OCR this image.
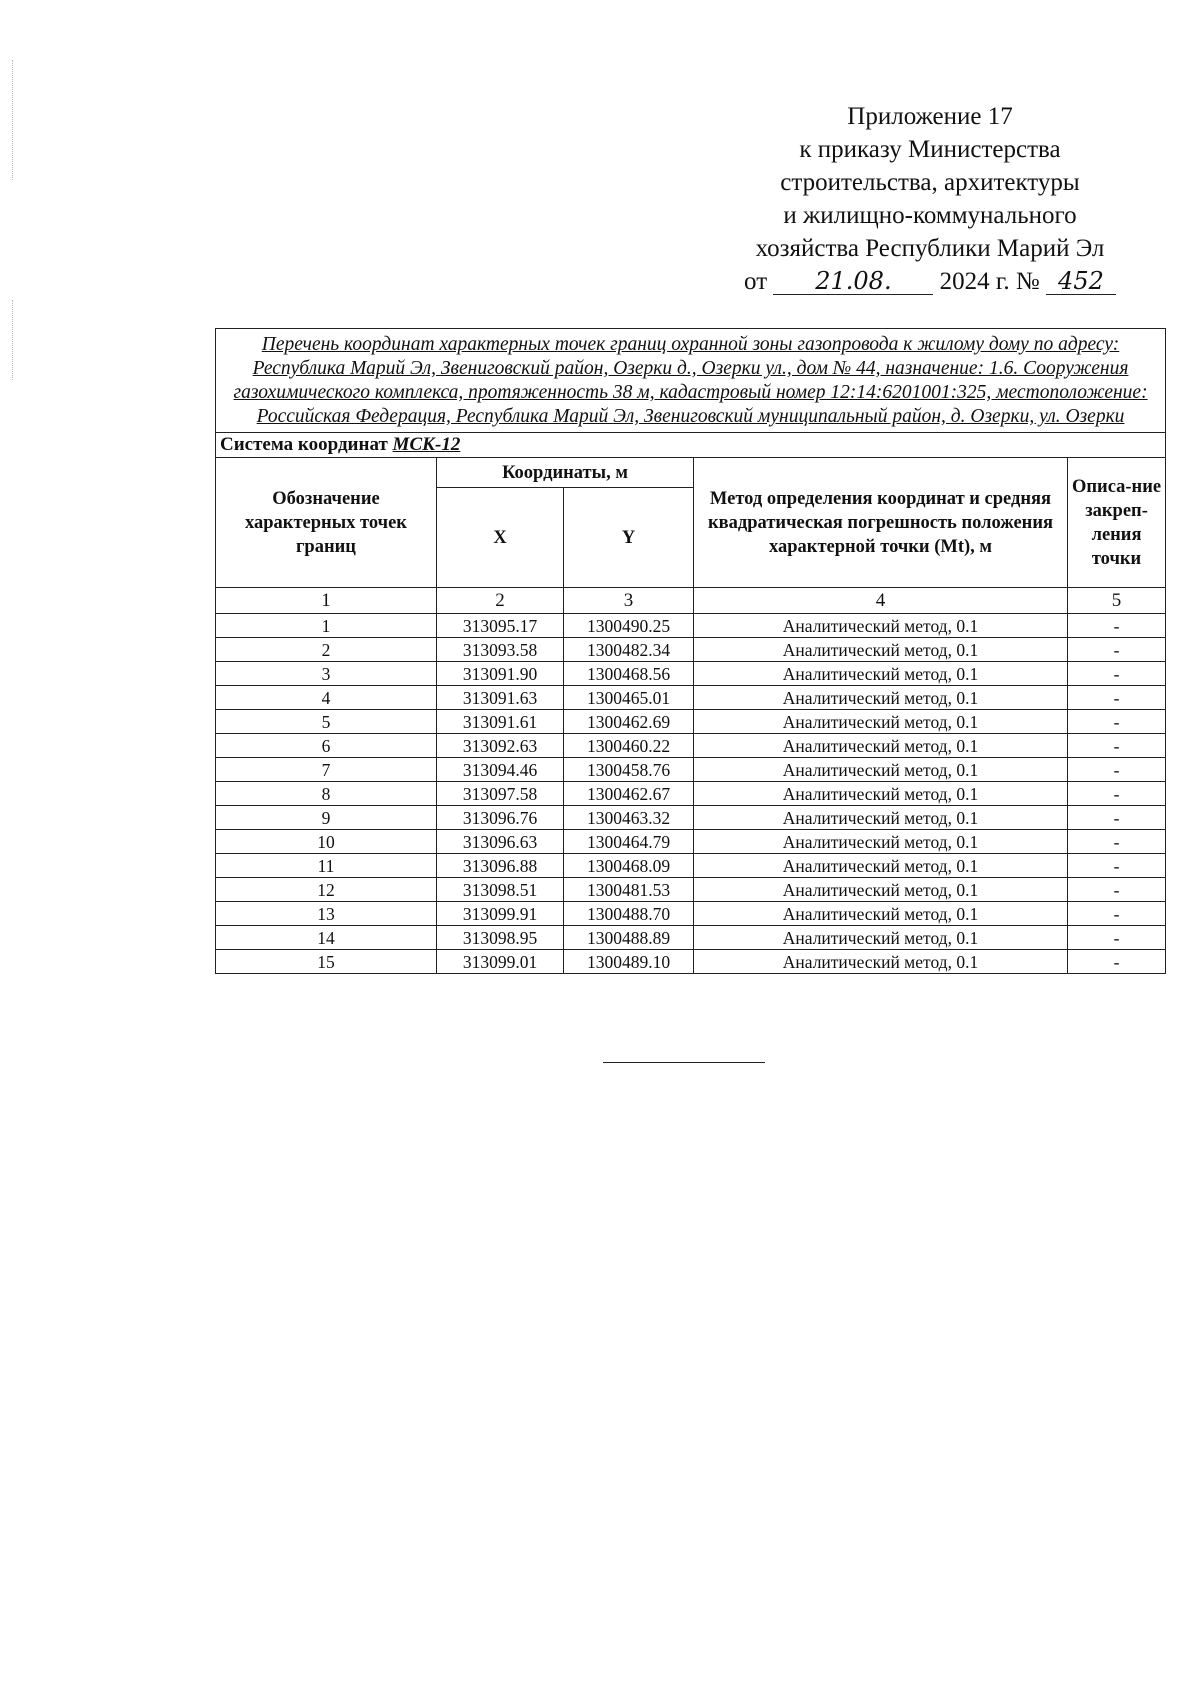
Приложение 17
к приказу Министерства
строительства, архитектуры
и жилищно-коммунального
хозяйства Республики Марий Эл
от 21.08. 2024 г. № 452
Перечень координат характерных точек границ охранной зоны газопровода к жилому дому по адресу: Республика Марий Эл, Звениговский район, Озерки д., Озерки ул., дом № 44, назначение: 1.6. Сооружения газохимического комплекса, протяженность 38 м, кадастровый номер 12:14:6201001:325, местоположение: Российская Федерация, Республика Марий Эл, Звениговский муниципальный район, д. Озерки, ул. Озерки				
Система координат МСК-12				
Обозначение характерных точек границ	Координаты, м		Метод определения координат и средняя квадратическая погрешность положения характерной точки (Mt), м	Описа-ние закреп-ления точки
	X	Y		
1	2	3	4	5
1	313095.17	1300490.25	Аналитический метод, 0.1	-
2	313093.58	1300482.34	Аналитический метод, 0.1	-
3	313091.90	1300468.56	Аналитический метод, 0.1	-
4	313091.63	1300465.01	Аналитический метод, 0.1	-
5	313091.61	1300462.69	Аналитический метод, 0.1	-
6	313092.63	1300460.22	Аналитический метод, 0.1	-
7	313094.46	1300458.76	Аналитический метод, 0.1	-
8	313097.58	1300462.67	Аналитический метод, 0.1	-
9	313096.76	1300463.32	Аналитический метод, 0.1	-
10	313096.63	1300464.79	Аналитический метод, 0.1	-
11	313096.88	1300468.09	Аналитический метод, 0.1	-
12	313098.51	1300481.53	Аналитический метод, 0.1	-
13	313099.91	1300488.70	Аналитический метод, 0.1	-
14	313098.95	1300488.89	Аналитический метод, 0.1	-
15	313099.01	1300489.10	Аналитический метод, 0.1	-
